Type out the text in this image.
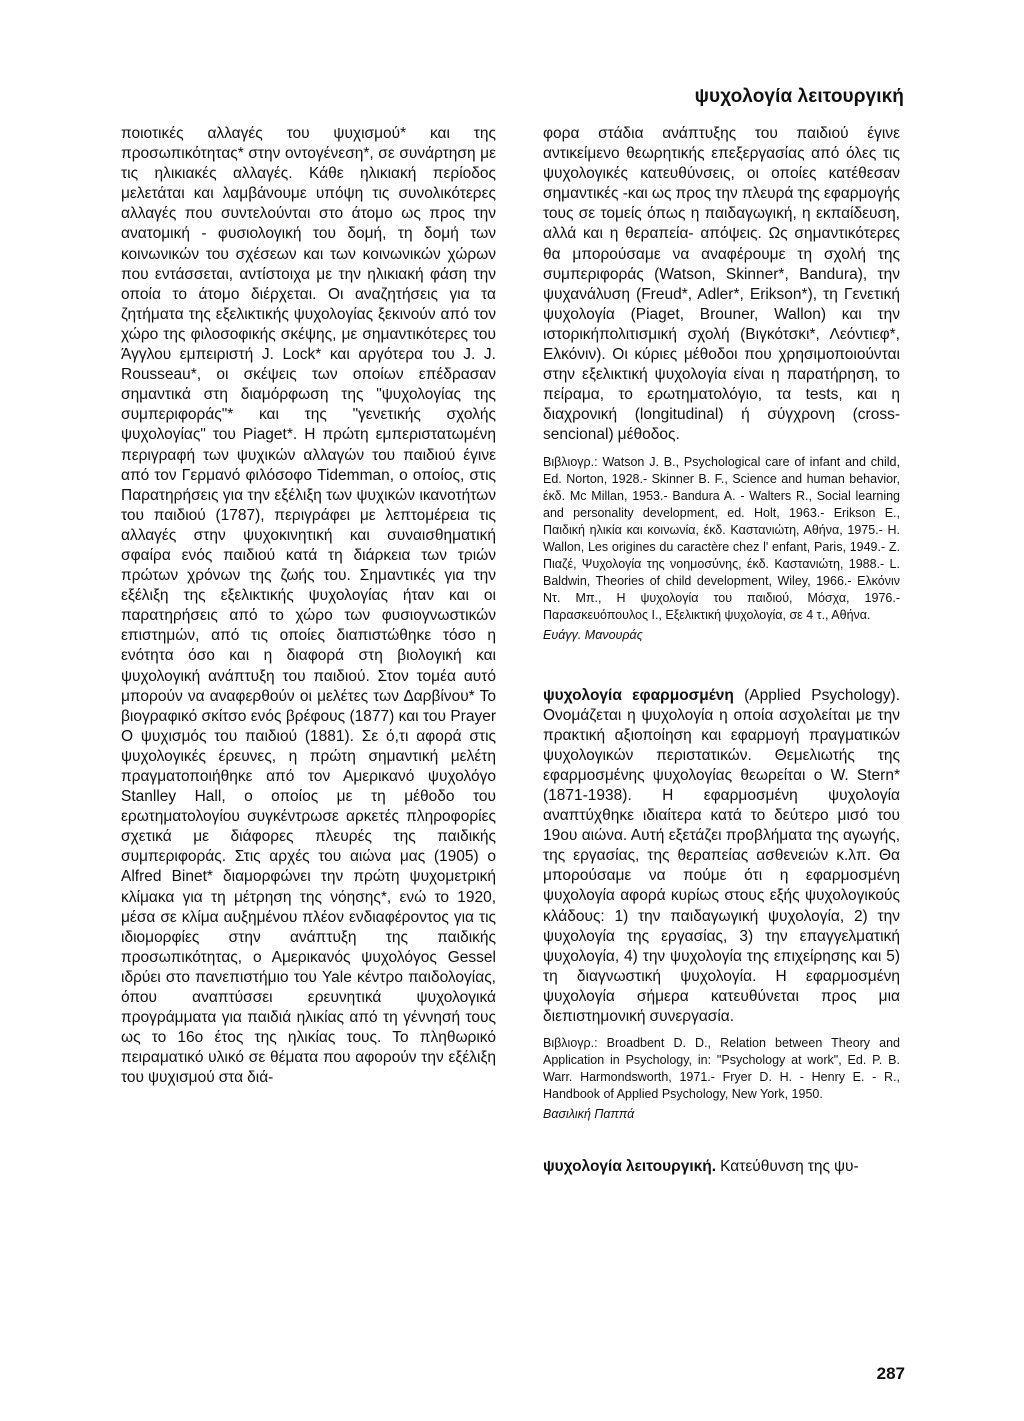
ψυχολογία λειτουργική

ποιοτικές αλλαγές του ψυχισμού* και της προσωπικότητας* στην οντογένεση*, σε συνάρτηση με τις ηλικιακές αλλαγές. Κάθε ηλικιακή περίοδος μελετάται και λαμβάνουμε υπόψη τις συνολικότερες αλλαγές που συντελούνται στο άτομο ως προς την ανατομική - φυσιολογική του δομή, τη δομή των κοινωνικών του σχέσεων και των κοινωνικών χώρων που εντάσσεται, αντίστοιχα με την ηλικιακή φάση την οποία το άτομο διέρχεται. Οι αναζητήσεις για τα ζητήματα της εξελικτικής ψυχολογίας ξεκινούν από τον χώρο της φιλοσοφικής σκέψης, με σημαντικότερες του Άγγλου εμπειριστή J. Lock* και αργότερα του J. J. Rousseau*, οι σκέψεις των οποίων επέδρασαν σημαντικά στη διαμόρφωση της "ψυχολογίας της συμπεριφοράς"* και της "γενετικής σχολής ψυχολογίας" του Piaget*. Η πρώτη εμπεριστατωμένη περιγραφή των ψυχικών αλλαγών του παιδιού έγινε από τον Γερμανό φιλόσοφο Tidemman, ο οποίος, στις Παρατηρήσεις για την εξέλιξη των ψυχικών ικανοτήτων του παιδιού (1787), περιγράφει με λεπτομέρεια τις αλλαγές στην ψυχοκινητική και συναισθηματική σφαίρα ενός παιδιού κατά τη διάρκεια των τριών πρώτων χρόνων της ζωής του. Σημαντικές για την εξέλιξη της εξελικτικής ψυχολογίας ήταν και οι παρατηρήσεις από το χώρο των φυσιογνωστικών επιστημών, από τις οποίες διαπιστώθηκε τόσο η ενότητα όσο και η διαφορά στη βιολογική και ψυχολογική ανάπτυξη του παιδιού. Στον τομέα αυτό μπορούν να αναφερθούν οι μελέτες των Δαρβίνου* Το βιογραφικό σκίτσο ενός βρέφους (1877) και του Prayer Ο ψυχισμός του παιδιού (1881). Σε ό,τι αφορά στις ψυχολογικές έρευνες, η πρώτη σημαντική μελέτη πραγματοποιήθηκε από τον Αμερικανό ψυχολόγο Stanlley Hall, ο οποίος με τη μέθοδο του ερωτηματολογίου συγκέντρωσε αρκετές πληροφορίες σχετικά με διάφορες πλευρές της παιδικής συμπεριφοράς. Στις αρχές του αιώνα μας (1905) ο Alfred Binet* διαμορφώνει την πρώτη ψυχομετρική κλίμακα για τη μέτρηση της νόησης*, ενώ το 1920, μέσα σε κλίμα αυξημένου πλέον ενδιαφέροντος για τις ιδιομορφίες στην ανάπτυξη της παιδικής προσωπικότητας, ο Αμερικανός ψυχολόγος Gessel ιδρύει στο πανεπιστήμιο του Yale κέντρο παιδολογίας, όπου αναπτύσσει ερευνητικά ψυχολογικά προγράμματα για παιδιά ηλικίας από τη γέννησή τους ως το 16ο έτος της ηλικίας τους. Το πληθωρικό πειραματικό υλικό σε θέματα που αφορούν την εξέλιξη του ψυχισμού στα διά-

φορα στάδια ανάπτυξης του παιδιού έγινε αντικείμενο θεωρητικής επεξεργασίας από όλες τις ψυχολογικές κατευθύνσεις, οι οποίες κατέθεσαν σημαντικές -και ως προς την πλευρά της εφαρμογής τους σε τομείς όπως η παιδαγωγική, η εκπαίδευση, αλλά και η θεραπεία- απόψεις. Ως σημαντικότερες θα μπορούσαμε να αναφέρουμε τη σχολή της συμπεριφοράς (Watson, Skinner*, Bandura), την ψυχανάλυση (Freud*, Adler*, Erikson*), τη Γενετική ψυχολογία (Piaget, Brouner, Wallon) και την ιστορικήπολιτισμική σχολή (Βιγκότσκι*, Λεόντιεφ*, Ελκόνιν). Οι κύριες μέθοδοι που χρησιμοποιούνται στην εξελικτική ψυχολογία είναι η παρατήρηση, το πείραμα, το ερωτηματολόγιο, τα tests, και η διαχρονική (longitudinal) ή σύγχρονη (cross-sencional) μέθοδος.

Βιβλιογρ.: Watson J. B., Psychological care of infant and child, Ed. Norton, 1928.- Skinner B. F., Science and human behavior, έκδ. Mc Millan, 1953.- Bandura A. - Walters R., Social learning and personality development, ed. Holt, 1963.- Erikson E., Παιδική ηλικία και κοινωνία, έκδ. Καστανιώτη, Αθήνα, 1975.- H. Wallon, Les origines du caractère chez l' enfant, Paris, 1949.- Z. Πιαζέ, Ψυχολογία της νοημοσύνης, έκδ. Καστανιώτη, 1988.- L. Baldwin, Theories of child development, Wiley, 1966.- Ελκόνιν Ντ. Μπ., Η ψυχολογία του παιδιού, Μόσχα, 1976.- Παρασκευόπουλος Ι., Εξελικτική ψυχολογία, σε 4 τ., Αθήνα.

Ευάγγ. Μανουράς

ψυχολογία εφαρμοσμένη (Applied Psychology). Ονομάζεται η ψυχολογία η οποία ασχολείται με την πρακτική αξιοποίηση και εφαρμογή πραγματικών ψυχολογικών περιστατικών. Θεμελιωτής της εφαρμοσμένης ψυχολογίας θεωρείται ο W. Stern* (1871-1938). Η εφαρμοσμένη ψυχολογία αναπτύχθηκε ιδιαίτερα κατά το δεύτερο μισό του 19ου αιώνα. Αυτή εξετάζει προβλήματα της αγωγής, της εργασίας, της θεραπείας ασθενειών κ.λπ. Θα μπορούσαμε να πούμε ότι η εφαρμοσμένη ψυχολογία αφορά κυρίως στους εξής ψυχολογικούς κλάδους: 1) την παιδαγωγική ψυχολογία, 2) την ψυχολογία της εργασίας, 3) την επαγγελματική ψυχολογία, 4) την ψυχολογία της επιχείρησης και 5) τη διαγνωστική ψυχολογία. Η εφαρμοσμένη ψυχολογία σήμερα κατευθύνεται προς μια διεπιστημονική συνεργασία.

Βιβλιογρ.: Broadbent D. D., Relation between Theory and Application in Psychology, in: "Psychology at work", Ed. P. B. Warr. Harmondsworth, 1971.- Fryer D. H. - Henry E. - R., Handbook of Applied Psychology, New York, 1950.

Βασιλική Παππά

ψυχολογία λειτουργική. Κατεύθυνση της ψυ-

287
